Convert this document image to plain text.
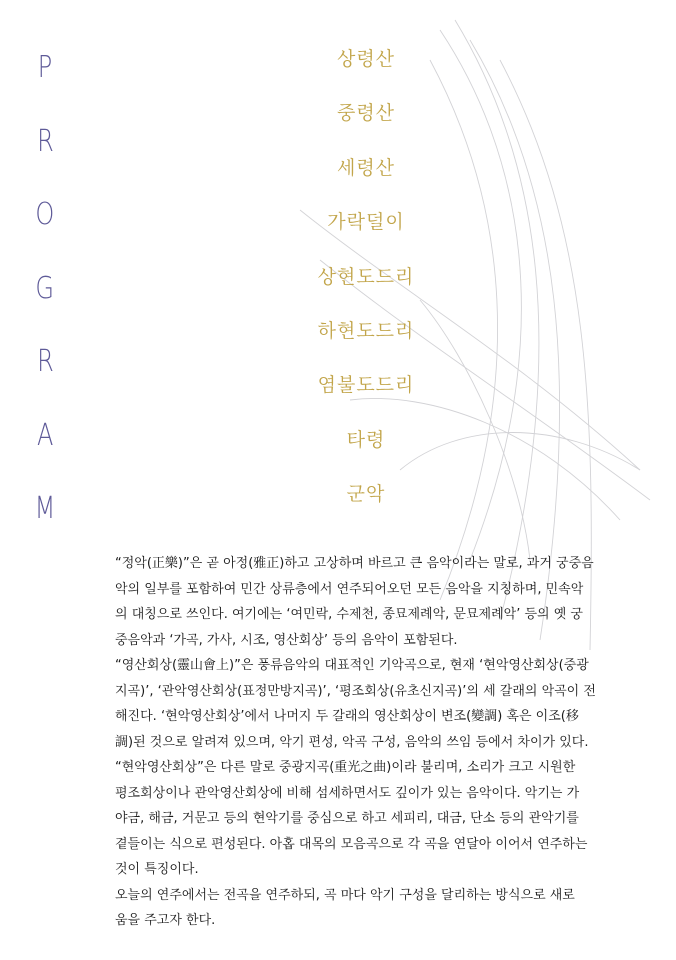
P
R
O
G
R
A
M
상령산
중령산
세령산
가락덜이
상현도드리
하현도드리
염불도드리
타령
군악

“정악(正樂)”은 곧 아정(雅正)하고 고상하며 바르고 큰 음악이라는 말로, 과거 궁중음

악의 일부를 포함하여 민간 상류층에서 연주되어오던 모든 음악을 지칭하며, 민속악

의 대칭으로 쓰인다. 여기에는 ‘여민락, 수제천, 종묘제례악, 문묘제례악’ 등의 옛 궁

중음악과 ‘가곡, 가사, 시조, 영산회상’ 등의 음악이 포함된다.

“영산회상(靈山會上)”은 풍류음악의 대표적인 기악곡으로, 현재 ‘현악영산회상(중광

지곡)’, ‘관악영산회상(표정만방지곡)’, ‘평조회상(유초신지곡)’의 세 갈래의 악곡이 전

해진다. ‘현악영산회상’에서 나머지 두 갈래의 영산회상이 변조(變調) 혹은 이조(移

調)된 것으로 알려져 있으며, 악기 편성, 악곡 구성, 음악의 쓰임 등에서 차이가 있다.

“현악영산회상”은 다른 말로 중광지곡(重光之曲)이라 불리며, 소리가 크고 시원한

평조회상이나 관악영산회상에 비해 섬세하면서도 깊이가 있는 음악이다. 악기는 가

야금, 해금, 거문고 등의 현악기를 중심으로 하고 세피리, 대금, 단소 등의 관악기를

곁들이는 식으로 편성된다. 아홉 대목의 모음곡으로 각 곡을 연달아 이어서 연주하는

것이 특징이다.

오늘의 연주에서는 전곡을 연주하되, 곡 마다 악기 구성을 달리하는 방식으로 새로

움을 주고자 한다.
